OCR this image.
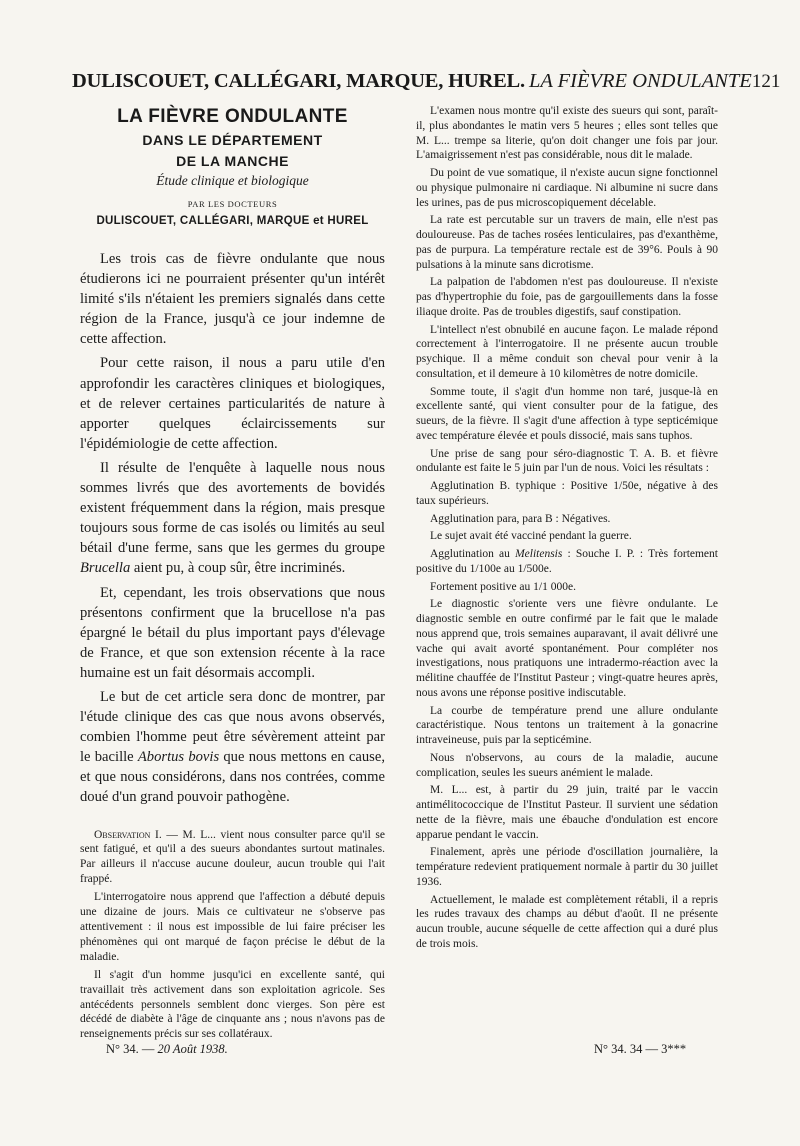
DULISCOUET, CALLÉGARI, MARQUE, HUREL. LA FIÈVRE ONDULANTE 121
LA FIÈVRE ONDULANTE
DANS LE DÉPARTEMENT
DE LA MANCHE
Étude clinique et biologique
PAR LES DOCTEURS
DULISCOUET, CALLÉGARI, MARQUE et HUREL

Les trois cas de fièvre ondulante que nous étudierons ici ne pourraient présenter qu'un intérêt limité s'ils n'étaient les premiers signalés dans cette région de la France, jusqu'à ce jour indemne de cette affection.

Pour cette raison, il nous a paru utile d'en approfondir les caractères cliniques et biologiques, et de relever certaines particularités de nature à apporter quelques éclaircissements sur l'épidémiologie de cette affection.

Il résulte de l'enquête à laquelle nous nous sommes livrés que des avortements de bovidés existent fréquemment dans la région, mais presque toujours sous forme de cas isolés ou limités au seul bétail d'une ferme, sans que les germes du groupe Brucella aient pu, à coup sûr, être incriminés.

Et, cependant, les trois observations que nous présentons confirment que la brucellose n'a pas épargné le bétail du plus important pays d'élevage de France, et que son extension récente à la race humaine est un fait désormais accompli.

Le but de cet article sera donc de montrer, par l'étude clinique des cas que nous avons observés, combien l'homme peut être sévèrement atteint par le bacille Abortus bovis que nous mettons en cause, et que nous considérons, dans nos contrées, comme doué d'un grand pouvoir pathogène.

Observation I. — M. L... vient nous consulter parce qu'il se sent fatigué, et qu'il a des sueurs abondantes surtout matinales. Par ailleurs il n'accuse aucune douleur, aucun trouble qui l'ait frappé.

L'interrogatoire nous apprend que l'affection a débuté depuis une dizaine de jours. Mais ce cultivateur ne s'observe pas attentivement : il nous est impossible de lui faire préciser les phénomènes qui ont marqué de façon précise le début de la maladie.

Il s'agit d'un homme jusqu'ici en excellente santé, qui travaillait très activement dans son exploitation agricole. Ses antécédents personnels semblent donc vierges. Son père est décédé de diabète à l'âge de cinquante ans ; nous n'avons pas de renseignements précis sur ses collatéraux.

L'examen nous montre qu'il existe des sueurs qui sont, paraît-il, plus abondantes le matin vers 5 heures ; elles sont telles que M. L... trempe sa literie, qu'on doit changer une fois par jour. L'amaigrissement n'est pas considérable, nous dit le malade.

Du point de vue somatique, il n'existe aucun signe fonctionnel ou physique pulmonaire ni cardiaque. Ni albumine ni sucre dans les urines, pas de pus microscopiquement décelable.

La rate est percutable sur un travers de main, elle n'est pas douloureuse. Pas de taches rosées lenticulaires, pas d'exanthème, pas de purpura. La température rectale est de 39°6. Pouls à 90 pulsations à la minute sans dicrotisme.

La palpation de l'abdomen n'est pas douloureuse. Il n'existe pas d'hypertrophie du foie, pas de gargouillements dans la fosse iliaque droite. Pas de troubles digestifs, sauf constipation.

L'intellect n'est obnubilé en aucune façon. Le malade répond correctement à l'interrogatoire. Il ne présente aucun trouble psychique. Il a même conduit son cheval pour venir à la consultation, et il demeure à 10 kilomètres de notre domicile.

Somme toute, il s'agit d'un homme non taré, jusque-là en excellente santé, qui vient consulter pour de la fatigue, des sueurs, de la fièvre. Il s'agit d'une affection à type septicémique avec température élevée et pouls dissocié, mais sans tuphos.

Une prise de sang pour séro-diagnostic T. A. B. et fièvre ondulante est faite le 5 juin par l'un de nous. Voici les résultats :

Agglutination B. typhique : Positive 1/50e, négative à des taux supérieurs.

Agglutination para, para B : Négatives.

Le sujet avait été vacciné pendant la guerre.

Agglutination au Melitensis : Souche I. P. : Très fortement positive du 1/100e au 1/500e.

Fortement positive au 1/1 000e.

Le diagnostic s'oriente vers une fièvre ondulante. Le diagnostic semble en outre confirmé par le fait que le malade nous apprend que, trois semaines auparavant, il avait délivré une vache qui avait avorté spontanément. Pour compléter nos investigations, nous pratiquons une intradermo-réaction avec la mélitine chauffée de l'Institut Pasteur ; vingt-quatre heures après, nous avons une réponse positive indiscutable.

La courbe de température prend une allure ondulante caractéristique. Nous tentons un traitement à la gonacrine intraveineuse, puis par la septicémine.

Nous n'observons, au cours de la maladie, aucune complication, seules les sueurs anémient le malade.

M. L... est, à partir du 29 juin, traité par le vaccin antimélitococcique de l'Institut Pasteur. Il survient une sédation nette de la fièvre, mais une ébauche d'ondulation est encore apparue pendant le vaccin.

Finalement, après une période d'oscillation journalière, la température redevient pratiquement normale à partir du 30 juillet 1936.

Actuellement, le malade est complètement rétabli, il a repris les rudes travaux des champs au début d'août. Il ne présente aucun trouble, aucune séquelle de cette affection qui a duré plus de trois mois.

N° 34. — 20 Août 1938.	N° 34. 34 — 3***
